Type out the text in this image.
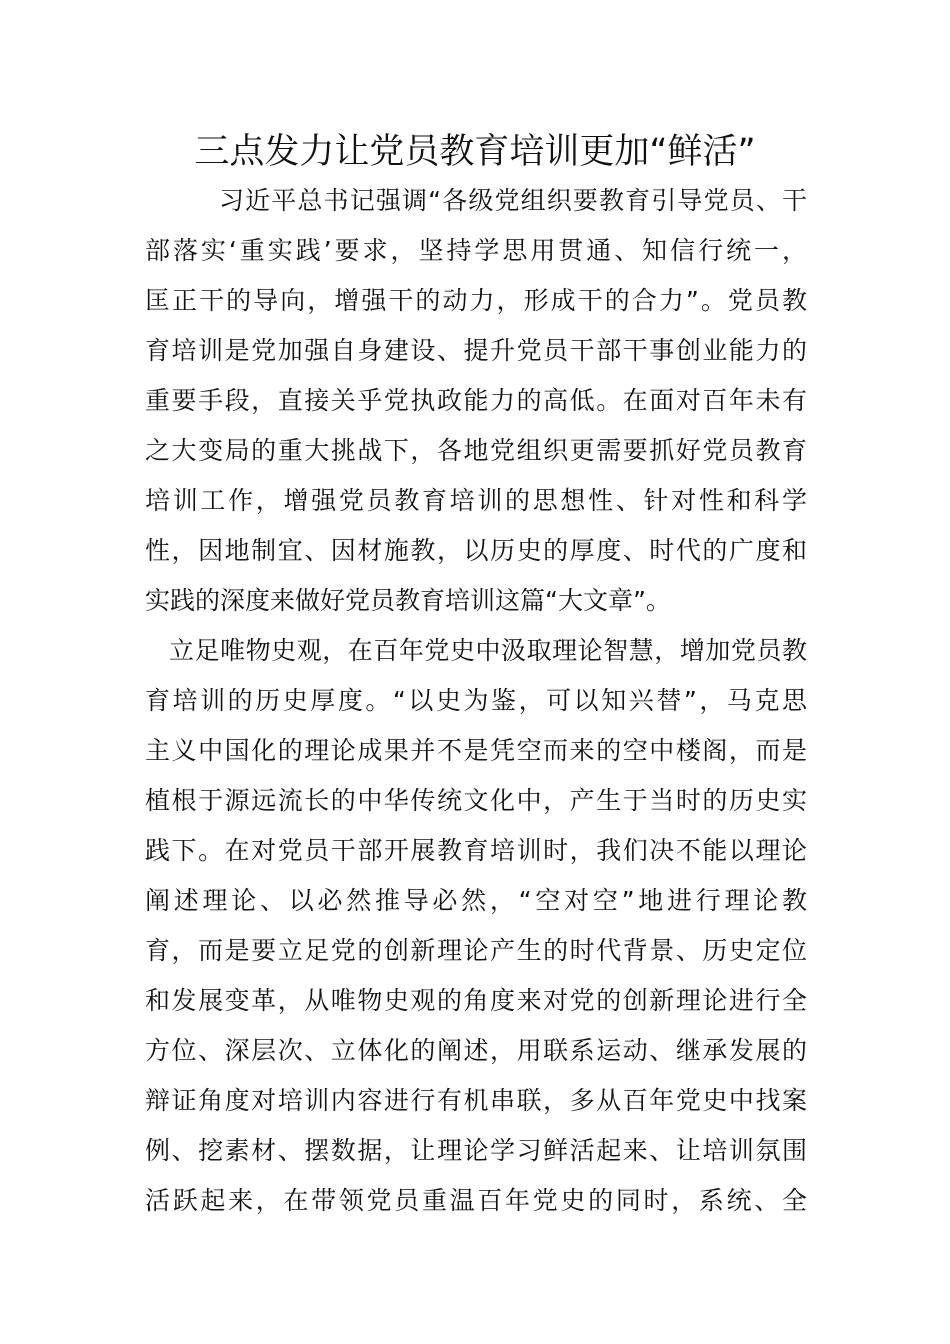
三点发力让党员教育培训更加“鲜活”
习近平总书记强调“各级党组织要教育引导党员、干
部落实‘重实践’要求，坚持学思用贯通、知信行统一，
匡正干的导向，增强干的动力，形成干的合力”。党员教
育培训是党加强自身建设、提升党员干部干事创业能力的
重要手段，直接关乎党执政能力的高低。在面对百年未有
之大变局的重大挑战下，各地党组织更需要抓好党员教育
培训工作，增强党员教育培训的思想性、针对性和科学
性，因地制宜、因材施教，以历史的厚度、时代的广度和
实践的深度来做好党员教育培训这篇“大文章”。
立足唯物史观，在百年党史中汲取理论智慧，增加党员教
育培训的历史厚度。“以史为鉴，可以知兴替”，马克思
主义中国化的理论成果并不是凭空而来的空中楼阁，而是
植根于源远流长的中华传统文化中，产生于当时的历史实
践下。在对党员干部开展教育培训时，我们决不能以理论
阐述理论、以必然推导必然，“空对空”地进行理论教
育，而是要立足党的创新理论产生的时代背景、历史定位
和发展变革，从唯物史观的角度来对党的创新理论进行全
方位、深层次、立体化的阐述，用联系运动、继承发展的
辩证角度对培训内容进行有机串联，多从百年党史中找案
例、挖素材、摆数据，让理论学习鲜活起来、让培训氛围
活跃起来，在带领党员重温百年党史的同时，系统、全
